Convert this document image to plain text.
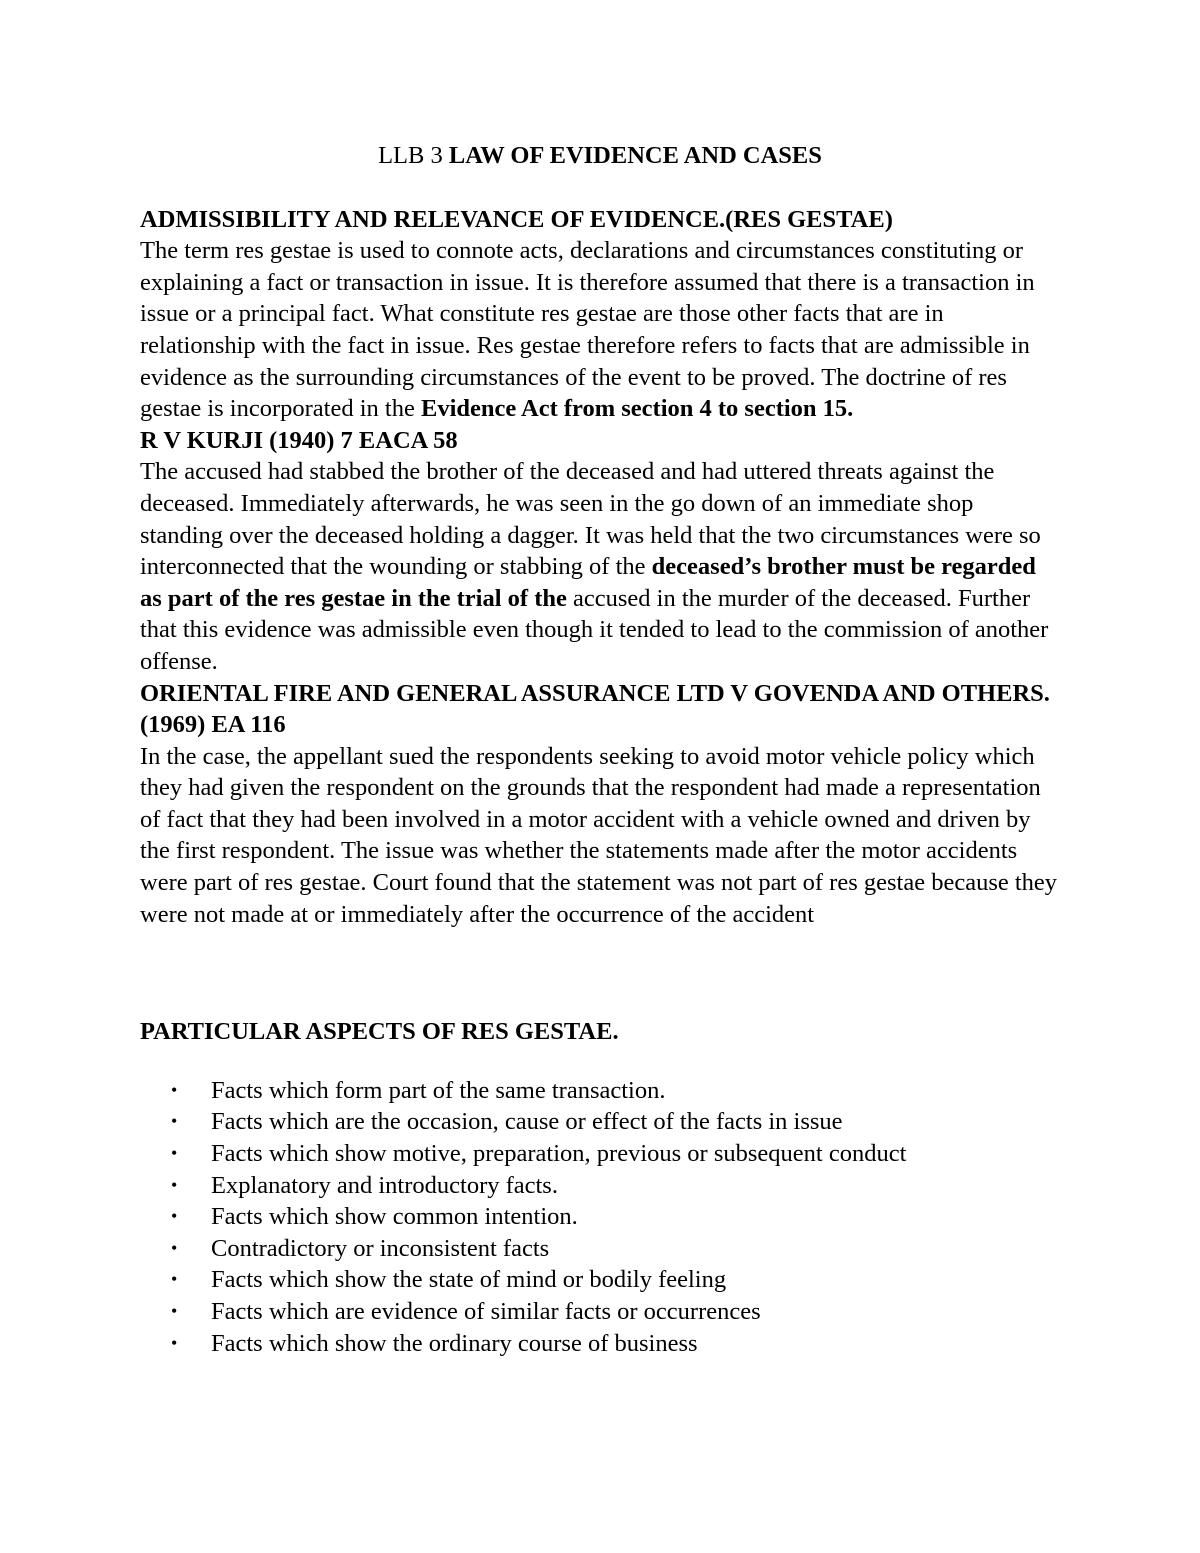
LLB 3 LAW OF EVIDENCE AND CASES

ADMISSIBILITY AND RELEVANCE OF EVIDENCE.(RES GESTAE)

The term res gestae is used to connote acts, declarations and circumstances constituting or explaining a fact or transaction in issue. It is therefore assumed that there is a transaction in issue or a principal fact. What constitute res gestae are those other facts that are in relationship with the fact in issue. Res gestae therefore refers to facts that are admissible in evidence as the surrounding circumstances of the event to be proved. The doctrine of res gestae is incorporated in the Evidence Act from section 4 to section 15.

R V KURJI (1940) 7 EACA 58

The accused had stabbed the brother of the deceased and had uttered threats against the deceased. Immediately afterwards, he was seen in the go down of an immediate shop standing over the deceased holding a dagger. It was held that the two circumstances were so interconnected that the wounding or stabbing of the deceased’s brother must be regarded as part of the res gestae in the trial of the accused in the murder of the deceased. Further that this evidence was admissible even though it tended to lead to the commission of another offense.

ORIENTAL FIRE AND GENERAL ASSURANCE LTD V GOVENDA AND OTHERS. (1969) EA 116

In the case, the appellant sued the respondents seeking to avoid motor vehicle policy which they had given the respondent on the grounds that the respondent had made a representation of fact that they had been involved in a motor accident with a vehicle owned and driven by the first respondent. The issue was whether the statements made after the motor accidents were part of res gestae. Court found that the statement was not part of res gestae because they were not made at or immediately after the occurrence of the accident

PARTICULAR ASPECTS OF RES GESTAE.

• Facts which form part of the same transaction.
• Facts which are the occasion, cause or effect of the facts in issue
• Facts which show motive, preparation, previous or subsequent conduct
• Explanatory and introductory facts.
• Facts which show common intention.
• Contradictory or inconsistent facts
• Facts which show the state of mind or bodily feeling
• Facts which are evidence of similar facts or occurrences
• Facts which show the ordinary course of business
